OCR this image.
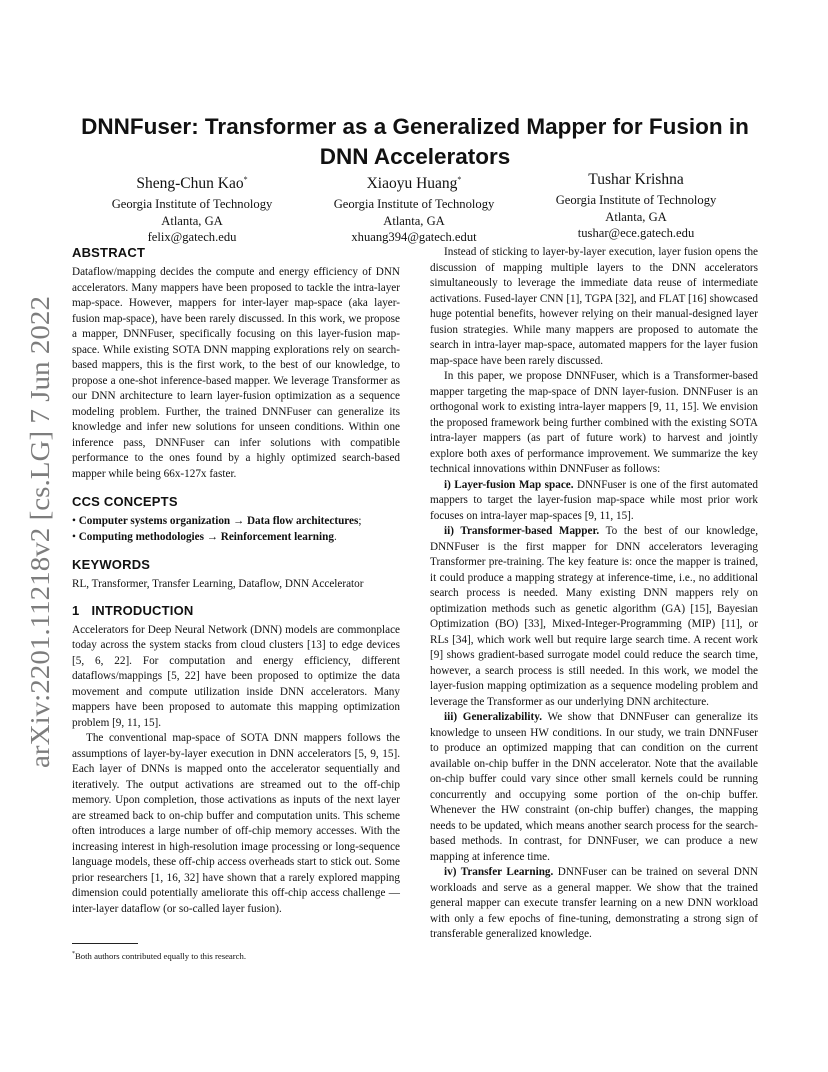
arXiv:2201.11218v2 [cs.LG] 7 Jun 2022
DNNFuser: Transformer as a Generalized Mapper for Fusion in
DNN Accelerators
Sheng-Chun Kao*
Georgia Institute of Technology
Atlanta, GA
felix@gatech.edu
Xiaoyu Huang*
Georgia Institute of Technology
Atlanta, GA
xhuang394@gatech.edut
Tushar Krishna
Georgia Institute of Technology
Atlanta, GA
tushar@ece.gatech.edu
ABSTRACT

Dataflow/mapping decides the compute and energy efficiency of DNN accelerators. Many mappers have been proposed to tackle the intra-layer map-space. However, mappers for inter-layer map-space (aka layer-fusion map-space), have been rarely discussed. In this work, we propose a mapper, DNNFuser, specifically focusing on this layer-fusion map-space. While existing SOTA DNN mapping explorations rely on search-based mappers, this is the first work, to the best of our knowledge, to propose a one-shot inference-based mapper. We leverage Transformer as our DNN architecture to learn layer-fusion optimization as a sequence modeling problem. Further, the trained DNNFuser can generalize its knowledge and infer new solutions for unseen conditions. Within one inference pass, DNNFuser can infer solutions with compatible performance to the ones found by a highly optimized search-based mapper while being 66x-127x faster.

CCS CONCEPTS

• Computer systems organization → Data flow architectures;

• Computing methodologies → Reinforcement learning.

KEYWORDS

RL, Transformer, Transfer Learning, Dataflow, DNN Accelerator

1 INTRODUCTION

Accelerators for Deep Neural Network (DNN) models are commonplace today across the system stacks from cloud clusters [13] to edge devices [5, 6, 22]. For computation and energy efficiency, different dataflows/mappings [5, 22] have been proposed to optimize the data movement and compute utilization inside DNN accelerators. Many mappers have been proposed to automate this mapping optimization problem [9, 11, 15].

The conventional map-space of SOTA DNN mappers follows the assumptions of layer-by-layer execution in DNN accelerators [5, 9, 15]. Each layer of DNNs is mapped onto the accelerator sequentially and iteratively. The output activations are streamed out to the off-chip memory. Upon completion, those activations as inputs of the next layer are streamed back to on-chip buffer and computation units. This scheme often introduces a large number of off-chip memory accesses. With the increasing interest in high-resolution image processing or long-sequence language models, these off-chip access overheads start to stick out. Some prior researchers [1, 16, 32] have shown that a rarely explored mapping dimension could potentially ameliorate this off-chip access challenge —inter-layer dataflow (or so-called layer fusion).

Instead of sticking to layer-by-layer execution, layer fusion opens the discussion of mapping multiple layers to the DNN accelerators simultaneously to leverage the immediate data reuse of intermediate activations. Fused-layer CNN [1], TGPA [32], and FLAT [16] showcased huge potential benefits, however relying on their manual-designed layer fusion strategies. While many mappers are proposed to automate the search in intra-layer map-space, automated mappers for the layer fusion map-space have been rarely discussed.

In this paper, we propose DNNFuser, which is a Transformer-based mapper targeting the map-space of DNN layer-fusion. DNNFuser is an orthogonal work to existing intra-layer mappers [9, 11, 15]. We envision the proposed framework being further combined with the existing SOTA intra-layer mappers (as part of future work) to harvest and jointly explore both axes of performance improvement. We summarize the key technical innovations within DNNFuser as follows:

i) Layer-fusion Map space. DNNFuser is one of the first automated mappers to target the layer-fusion map-space while most prior work focuses on intra-layer map-spaces [9, 11, 15].

ii) Transformer-based Mapper. To the best of our knowledge, DNNFuser is the first mapper for DNN accelerators leveraging Transformer pre-training. The key feature is: once the mapper is trained, it could produce a mapping strategy at inference-time, i.e., no additional search process is needed. Many existing DNN mappers rely on optimization methods such as genetic algorithm (GA) [15], Bayesian Optimization (BO) [33], Mixed-Integer-Programming (MIP) [11], or RLs [34], which work well but require large search time. A recent work [9] shows gradient-based surrogate model could reduce the search time, however, a search process is still needed. In this work, we model the layer-fusion mapping optimization as a sequence modeling problem and leverage the Transformer as our underlying DNN architecture.

iii) Generalizability. We show that DNNFuser can generalize its knowledge to unseen HW conditions. In our study, we train DNNFuser to produce an optimized mapping that can condition on the current available on-chip buffer in the DNN accelerator. Note that the available on-chip buffer could vary since other small kernels could be running concurrently and occupying some portion of the on-chip buffer. Whenever the HW constraint (on-chip buffer) changes, the mapping needs to be updated, which means another search process for the search-based methods. In contrast, for DNNFuser, we can produce a new mapping at inference time.

iv) Transfer Learning. DNNFuser can be trained on several DNN workloads and serve as a general mapper. We show that the trained general mapper can execute transfer learning on a new DNN workload with only a few epochs of fine-tuning, demonstrating a strong sign of transferable generalized knowledge.

*Both authors contributed equally to this research.
